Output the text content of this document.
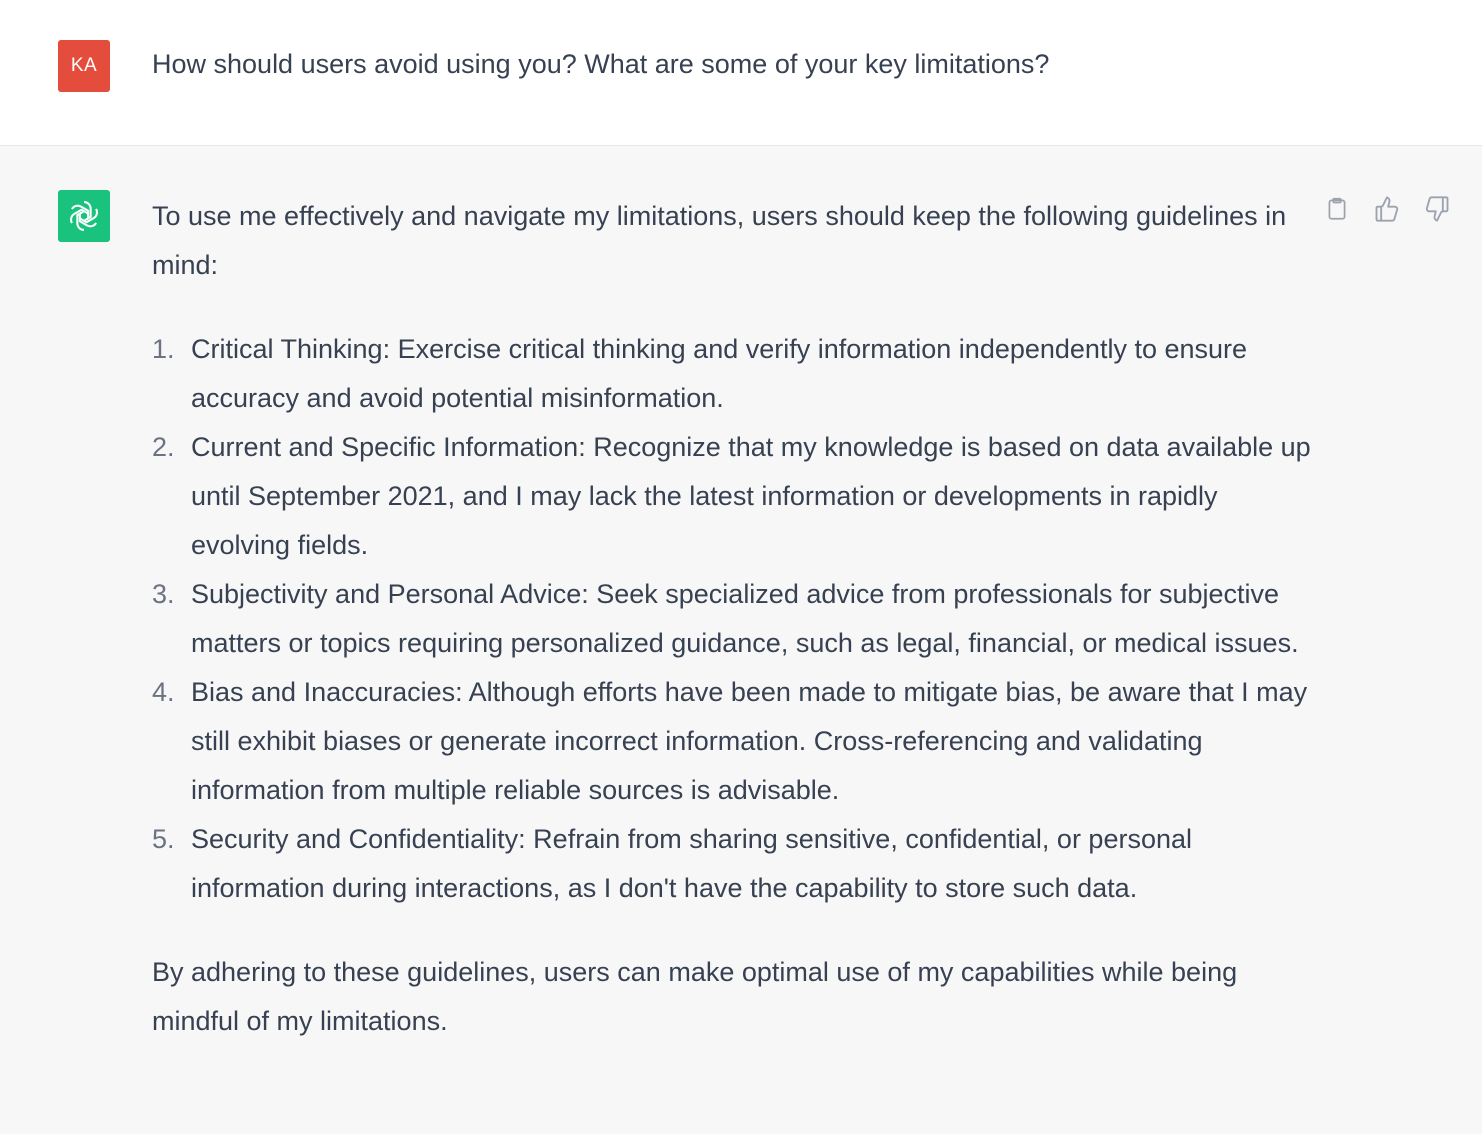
KA How should users avoid using you? What are some of your key limitations?

To use me effectively and navigate my limitations, users should keep the following guidelines in mind:

1. Critical Thinking: Exercise critical thinking and verify information independently to ensure accuracy and avoid potential misinformation.
2. Current and Specific Information: Recognize that my knowledge is based on data available up until September 2021, and I may lack the latest information or developments in rapidly evolving fields.
3. Subjectivity and Personal Advice: Seek specialized advice from professionals for subjective matters or topics requiring personalized guidance, such as legal, financial, or medical issues.
4. Bias and Inaccuracies: Although efforts have been made to mitigate bias, be aware that I may still exhibit biases or generate incorrect information. Cross-referencing and validating information from multiple reliable sources is advisable.
5. Security and Confidentiality: Refrain from sharing sensitive, confidential, or personal information during interactions, as I don't have the capability to store such data.

By adhering to these guidelines, users can make optimal use of my capabilities while being mindful of my limitations.
